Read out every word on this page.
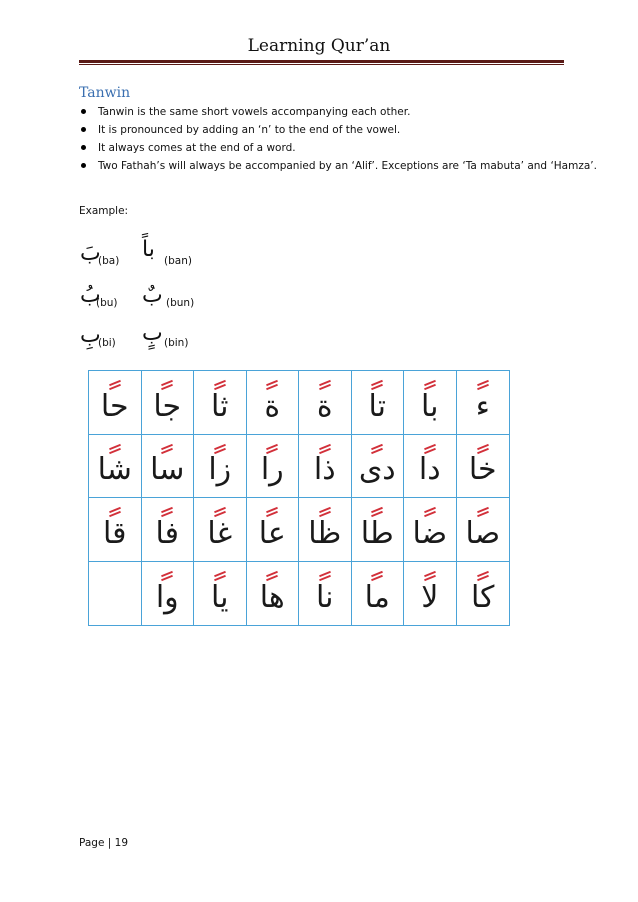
Learning Qur’an
Tanwin
Tanwin is the same short vowels accompanying each other.
It is pronounced by adding an ‘n’ to the end of the vowel.
It always comes at the end of a word.
Two Fathah’s will always be accompanied by an ‘Alif’. Exceptions are ‘Ta mabuta’ and ‘Hamza’.
Example:
بَ
(ba) باً (ban)
بُ
(bu) بٌ (bun)
بِ
(bi) بٍ (bin)
حا جا ثا ة ة تا با ء
شا سا زا را ذا دى دا خا
قا فا غا عا ظا طا ضا صا
وا يا ها نا ما لا كا
Page | 19
